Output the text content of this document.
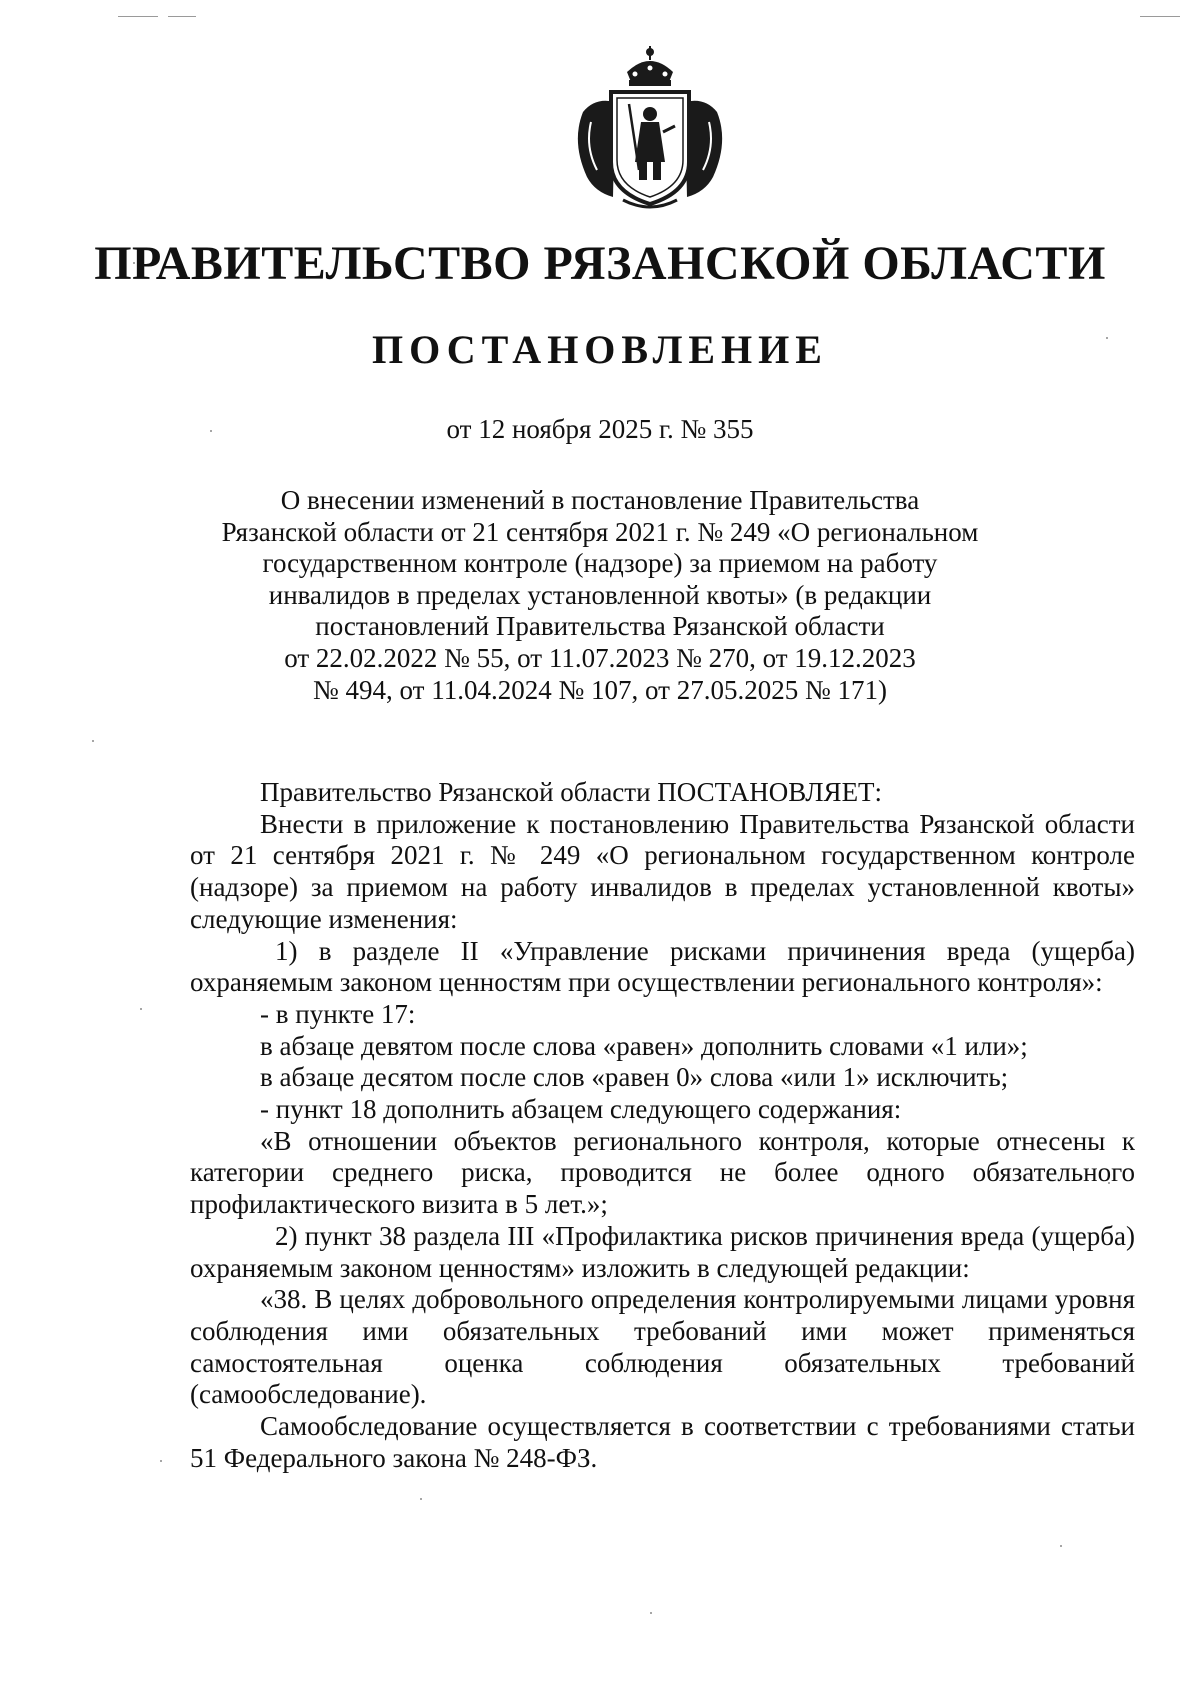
ПРАВИТЕЛЬСТВО РЯЗАНСКОЙ ОБЛАСТИ
ПОСТАНОВЛЕНИЕ

от 12 ноября 2025 г. № 355

О внесении изменений в постановление Правительства
Рязанской области от 21 сентября 2021 г. № 249 «О региональном
государственном контроле (надзоре) за приемом на работу
инвалидов в пределах установленной квоты» (в редакции
постановлений Правительства Рязанской области
от 22.02.2022 № 55, от 11.07.2023 № 270, от 19.12.2023
№ 494, от 11.04.2024 № 107, от 27.05.2025 № 171)

Правительство Рязанской области ПОСТАНОВЛЯЕТ:

Внести в приложение к постановлению Правительства Рязанской области от 21 сентября 2021 г. № 249 «О региональном государственном контроле (надзоре) за приемом на работу инвалидов в пределах установленной квоты» следующие изменения:

1) в разделе II «Управление рисками причинения вреда (ущерба) охраняемым законом ценностям при осуществлении регионального контроля»:

- в пункте 17:

в абзаце девятом после слова «равен» дополнить словами «1 или»;

в абзаце десятом после слов «равен 0» слова «или 1» исключить;

- пункт 18 дополнить абзацем следующего содержания:

«В отношении объектов регионального контроля, которые отнесены к категории среднего риска, проводится не более одного обязательного профилактического визита в 5 лет.»;

2) пункт 38 раздела III «Профилактика рисков причинения вреда (ущерба) охраняемым законом ценностям» изложить в следующей редакции:

«38. В целях добровольного определения контролируемыми лицами уровня соблюдения ими обязательных требований ими может применяться самостоятельная оценка соблюдения обязательных требований (самообследование).

Самообследование осуществляется в соответствии с требованиями статьи 51 Федерального закона № 248-ФЗ.
